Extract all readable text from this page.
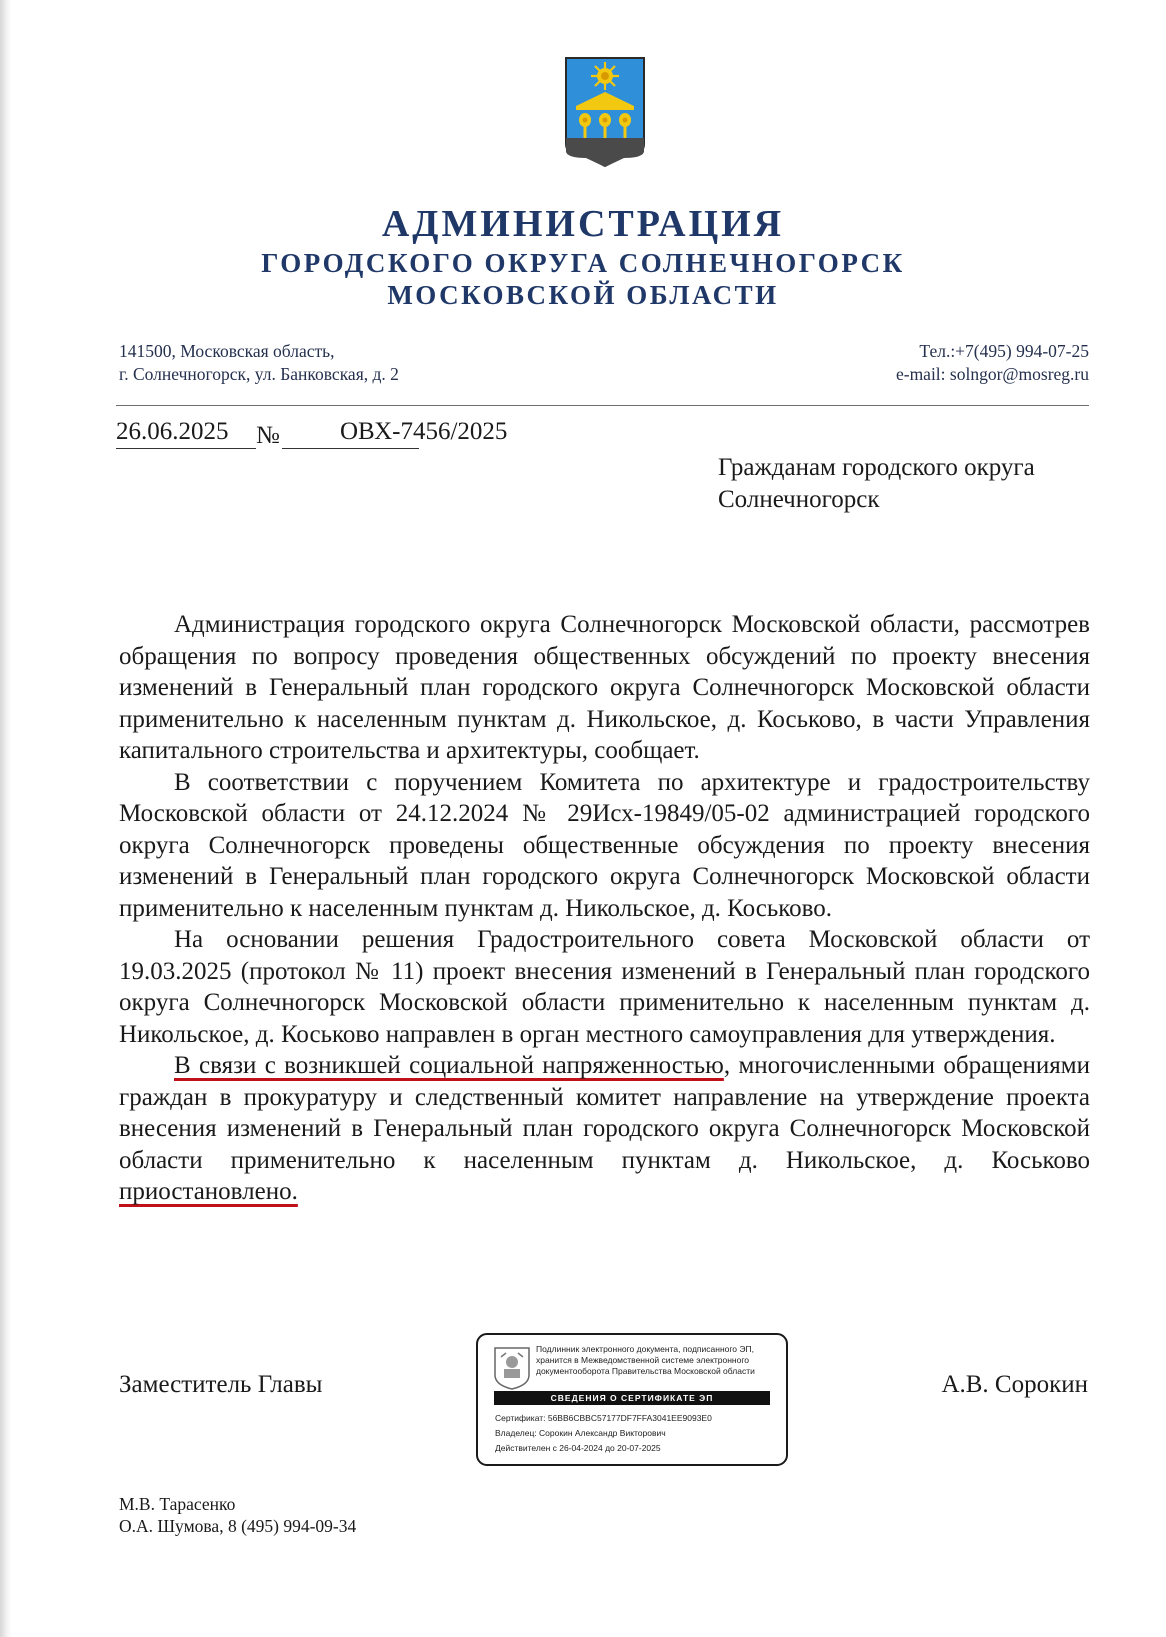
АДМИНИСТРАЦИЯ
ГОРОДСКОГО ОКРУГА СОЛНЕЧНОГОРСК
МОСКОВСКОЙ ОБЛАСТИ
141500, Московская область,
г. Солнечногорск, ул. Банковская, д. 2
Тел.:+7(495) 994-07-25
e-mail: solngor@mosreg.ru
26.06.2025	№	ОВХ-7456/2025
Гражданам городского округа
Солнечногорск

Администрация городского округа Солнечногорск Московской области, рассмотрев обращения по вопросу проведения общественных обсуждений по проекту внесения изменений в Генеральный план городского округа Солнечногорск Московской области применительно к населенным пунктам д. Никольское, д. Коськово, в части Управления капитального строительства и архитектуры, сообщает.

В соответствии с поручением Комитета по архитектуре и градостроительству Московской области от 24.12.2024 № 29Исх-19849/05-02 администрацией городского округа Солнечногорск проведены общественные обсуждения по проекту внесения изменений в Генеральный план городского округа Солнечногорск Московской области применительно к населенным пунктам д. Никольское, д. Коськово.

На основании решения Градостроительного совета Московской области от 19.03.2025 (протокол № 11) проект внесения изменений в Генеральный план городского округа Солнечногорск Московской области применительно к населенным пунктам д. Никольское, д. Коськово направлен в орган местного самоуправления для утверждения.

В связи с возникшей социальной напряженностью, многочисленными обращениями граждан в прокуратуру и следственный комитет направление на утверждение проекта внесения изменений в Генеральный план городского округа Солнечногорск Московской области применительно к населенным пунктам д. Никольское, д. Коськово приостановлено.

Заместитель Главы
Подлинник электронного документа, подписанного ЭП, хранится в Межведомственной системе электронного документооборота Правительства Московской области
СВЕДЕНИЯ О СЕРТИФИКАТЕ ЭП
Сертификат: 56BB6CBBC57177DF7FFA3041EE9093E0
Владелец: Сорокин Александр Викторович
Действителен с 26-04-2024 до 20-07-2025
А.В. Сорокин
М.В. Тарасенко
О.А. Шумова, 8 (495) 994-09-34
